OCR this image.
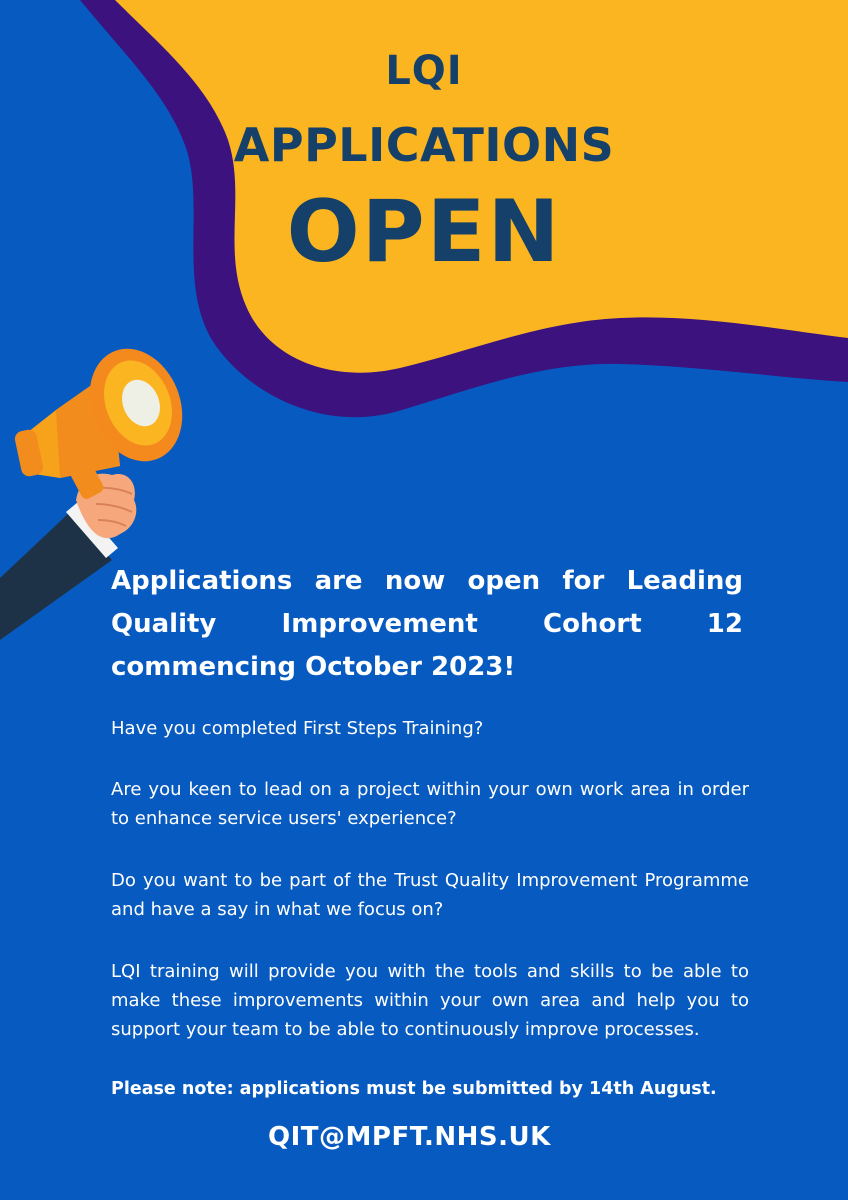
LQI
APPLICATIONS
OPEN

Applications are now open for Leading Quality Improvement Cohort 12 commencing October 2023!

Have you completed First Steps Training?

Are you keen to lead on a project within your own work area in order to enhance service users' experience?

Do you want to be part of the Trust Quality Improvement Programme and have a say in what we focus on?

LQI training will provide you with the tools and skills to be able to make these improvements within your own area and help you to support your team to be able to continuously improve processes.

Please note: applications must be submitted by 14th August.

QIT@MPFT.NHS.UK
